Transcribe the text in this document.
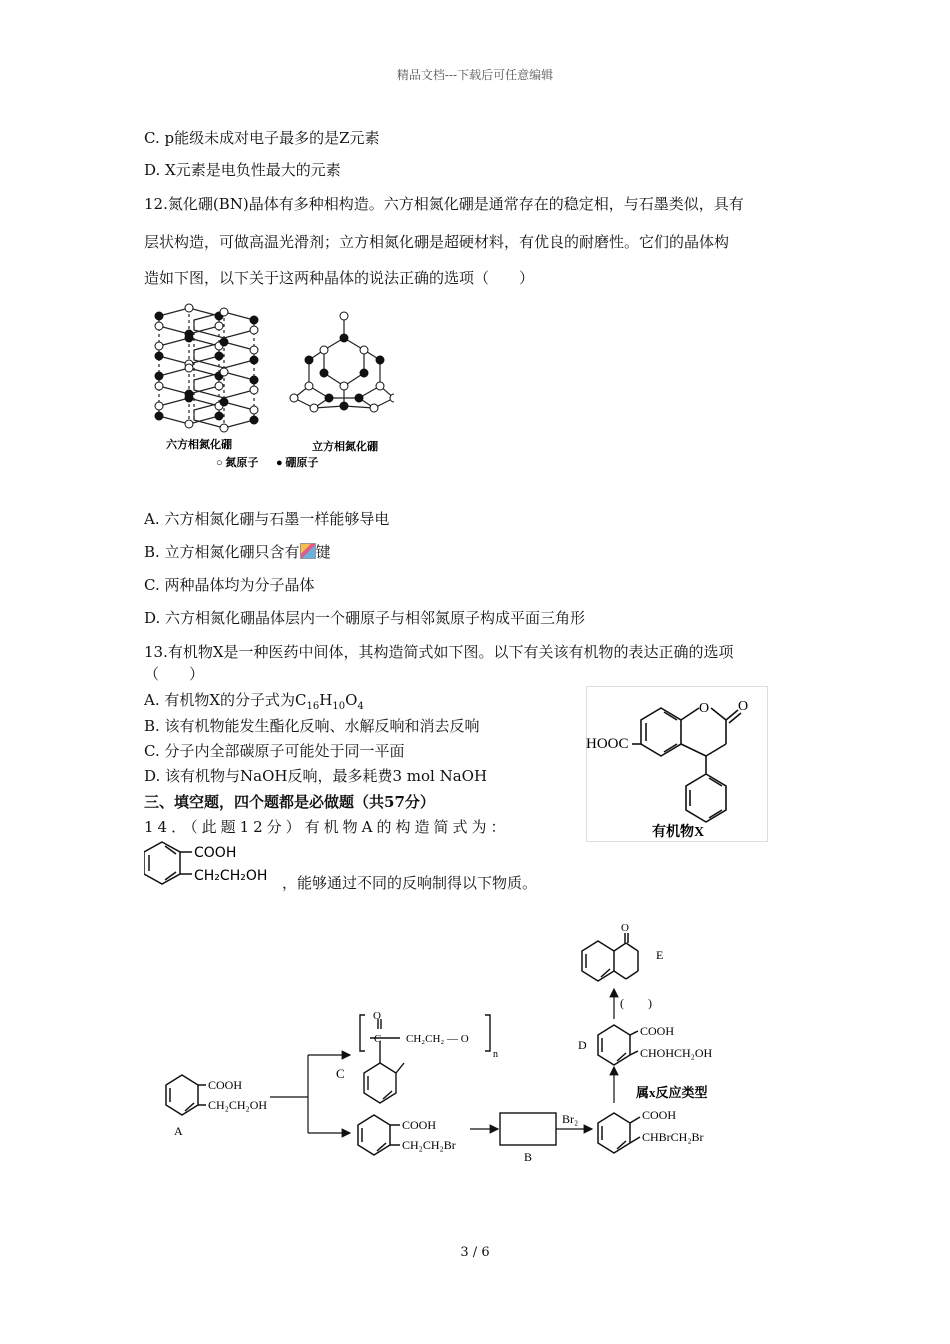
精品文档---下载后可任意编辑
C. p能级未成对电子最多的是Z元素
D. X元素是电负性最大的元素
12.氮化硼(BN)晶体有多种相构造。六方相氮化硼是通常存在的稳定相，与石墨类似，具有
层状构造，可做高温光滑剂；立方相氮化硼是超硬材料，有优良的耐磨性。它们的晶体构
造如下图，以下关于这两种晶体的说法正确的选项（　　）
六方相氮化硼	立方相氮化硼
○ 氮原子 ● 硼原子
A. 六方相氮化硼与石墨一样能够导电
B. 立方相氮化硼只含有 键
C. 两种晶体均为分子晶体
D. 六方相氮化硼晶体层内一个硼原子与相邻氮原子构成平面三角形
13.有机物X是一种医药中间体，其构造简式如下图。以下有关该有机物的表达正确的选项
（　　）
A. 有机物X的分子式为$C_{16}H_{10}O_4$
B. 该有机物能发生酯化反响、水解反响和消去反响
C. 分子内全部碳原子可能处于同一平面
D. 该有机物与NaOH反响，最多耗费3 mol NaOH
O O
HOOC
有机物X
三、填空题，四个题都是必做题（共57分）
14．（此题12分）有机物A的构造简式为：
COOH
CH₂CH₂OH ，能够通过不同的反响制得以下物质。
COOH
CH₂CH₂OH
A
C
O
C CH₂CH₂ — O
n
COOH
CH₂CH₂Br
B
Br₂	COOH
CHBrCH₂Br
属x反应类型
COOH
CHOHCH₂OH
D
(　　)
O
E
3 / 6
